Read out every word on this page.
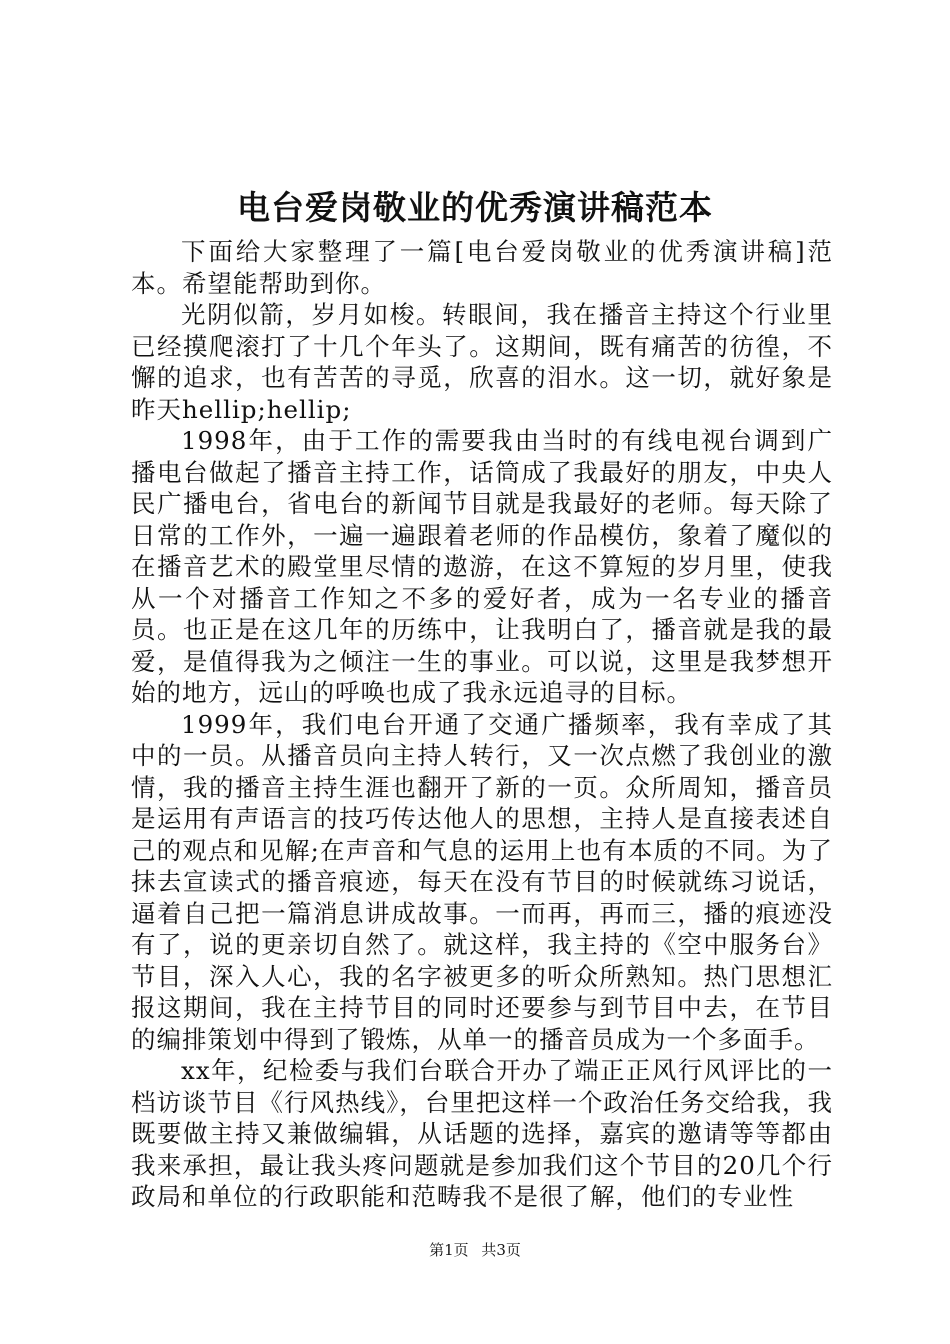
电台爱岗敬业的优秀演讲稿范本

下面给大家整理了一篇[电台爱岗敬业的优秀演讲稿]范本。希望能帮助到你。

光阴似箭，岁月如梭。转眼间，我在播音主持这个行业里已经摸爬滚打了十几个年头了。这期间，既有痛苦的彷徨，不懈的追求，也有苦苦的寻觅，欣喜的泪水。这一切，就好象是昨天hellip;hellip;

1998年，由于工作的需要我由当时的有线电视台调到广播电台做起了播音主持工作，话筒成了我最好的朋友，中央人民广播电台，省电台的新闻节目就是我最好的老师。每天除了日常的工作外，一遍一遍跟着老师的作品模仿，象着了魔似的在播音艺术的殿堂里尽情的遨游，在这不算短的岁月里，使我从一个对播音工作知之不多的爱好者，成为一名专业的播音员。也正是在这几年的历练中，让我明白了，播音就是我的最爱，是值得我为之倾注一生的事业。可以说，这里是我梦想开始的地方，远山的呼唤也成了我永远追寻的目标。

1999年，我们电台开通了交通广播频率，我有幸成了其中的一员。从播音员向主持人转行，又一次点燃了我创业的激情，我的播音主持生涯也翻开了新的一页。众所周知，播音员是运用有声语言的技巧传达他人的思想，主持人是直接表述自己的观点和见解;在声音和气息的运用上也有本质的不同。为了抹去宣读式的播音痕迹，每天在没有节目的时候就练习说话，逼着自己把一篇消息讲成故事。一而再，再而三，播的痕迹没有了，说的更亲切自然了。就这样，我主持的《空中服务台》节目，深入人心，我的名字被更多的听众所熟知。热门思想汇报这期间，我在主持节目的同时还要参与到节目中去，在节目的编排策划中得到了锻炼，从单一的播音员成为一个多面手。

xx年，纪检委与我们台联合开办了端正正风行风评比的一档访谈节目《行风热线》，台里把这样一个政治任务交给我，我既要做主持又兼做编辑，从话题的选择，嘉宾的邀请等等都由我来承担，最让我头疼问题就是参加我们这个节目的20几个行政局和单位的行政职能和范畴我不是很了解，他们的专业性

第1页 共3页
